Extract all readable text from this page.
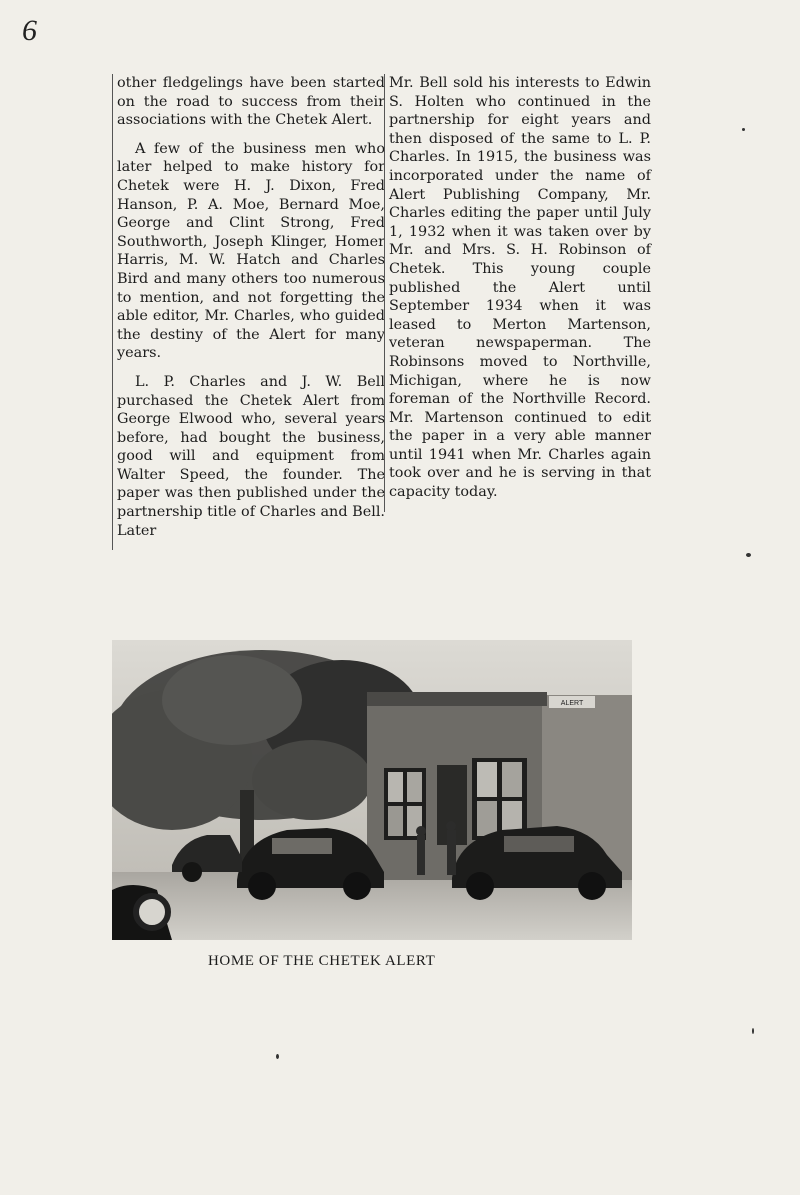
6

other fledgelings have been started on the road to success from their associations with the Chetek Alert.

A few of the business men who later helped to make history for Chetek were H. J. Dixon, Fred Hanson, P. A. Moe, Bernard Moe, George and Clint Strong, Fred Southworth, Joseph Klinger, Homer Harris, M. W. Hatch and Charles Bird and many others too numerous to mention, and not forgetting the able editor, Mr. Charles, who guided the destiny of the Alert for many years.

L. P. Charles and J. W. Bell purchased the Chetek Alert from George Elwood who, several years before, had bought the business, good will and equipment from Walter Speed, the founder. The paper was then published under the partnership title of Charles and Bell. Later

Mr. Bell sold his interests to Edwin S. Holten who continued in the partnership for eight years and then disposed of the same to L. P. Charles. In 1915, the business was incorporated under the name of Alert Publishing Company, Mr. Charles editing the paper until July 1, 1932 when it was taken over by Mr. and Mrs. S. H. Robinson of Chetek. This young couple published the Alert until September 1934 when it was leased to Merton Martenson, veteran newspaperman. The Robinsons moved to Northville, Michigan, where he is now foreman of the Northville Record. Mr. Martenson continued to edit the paper in a very able manner until 1941 when Mr. Charles again took over and he is serving in that capacity today.

ALERT
HOME OF THE CHETEK ALERT
